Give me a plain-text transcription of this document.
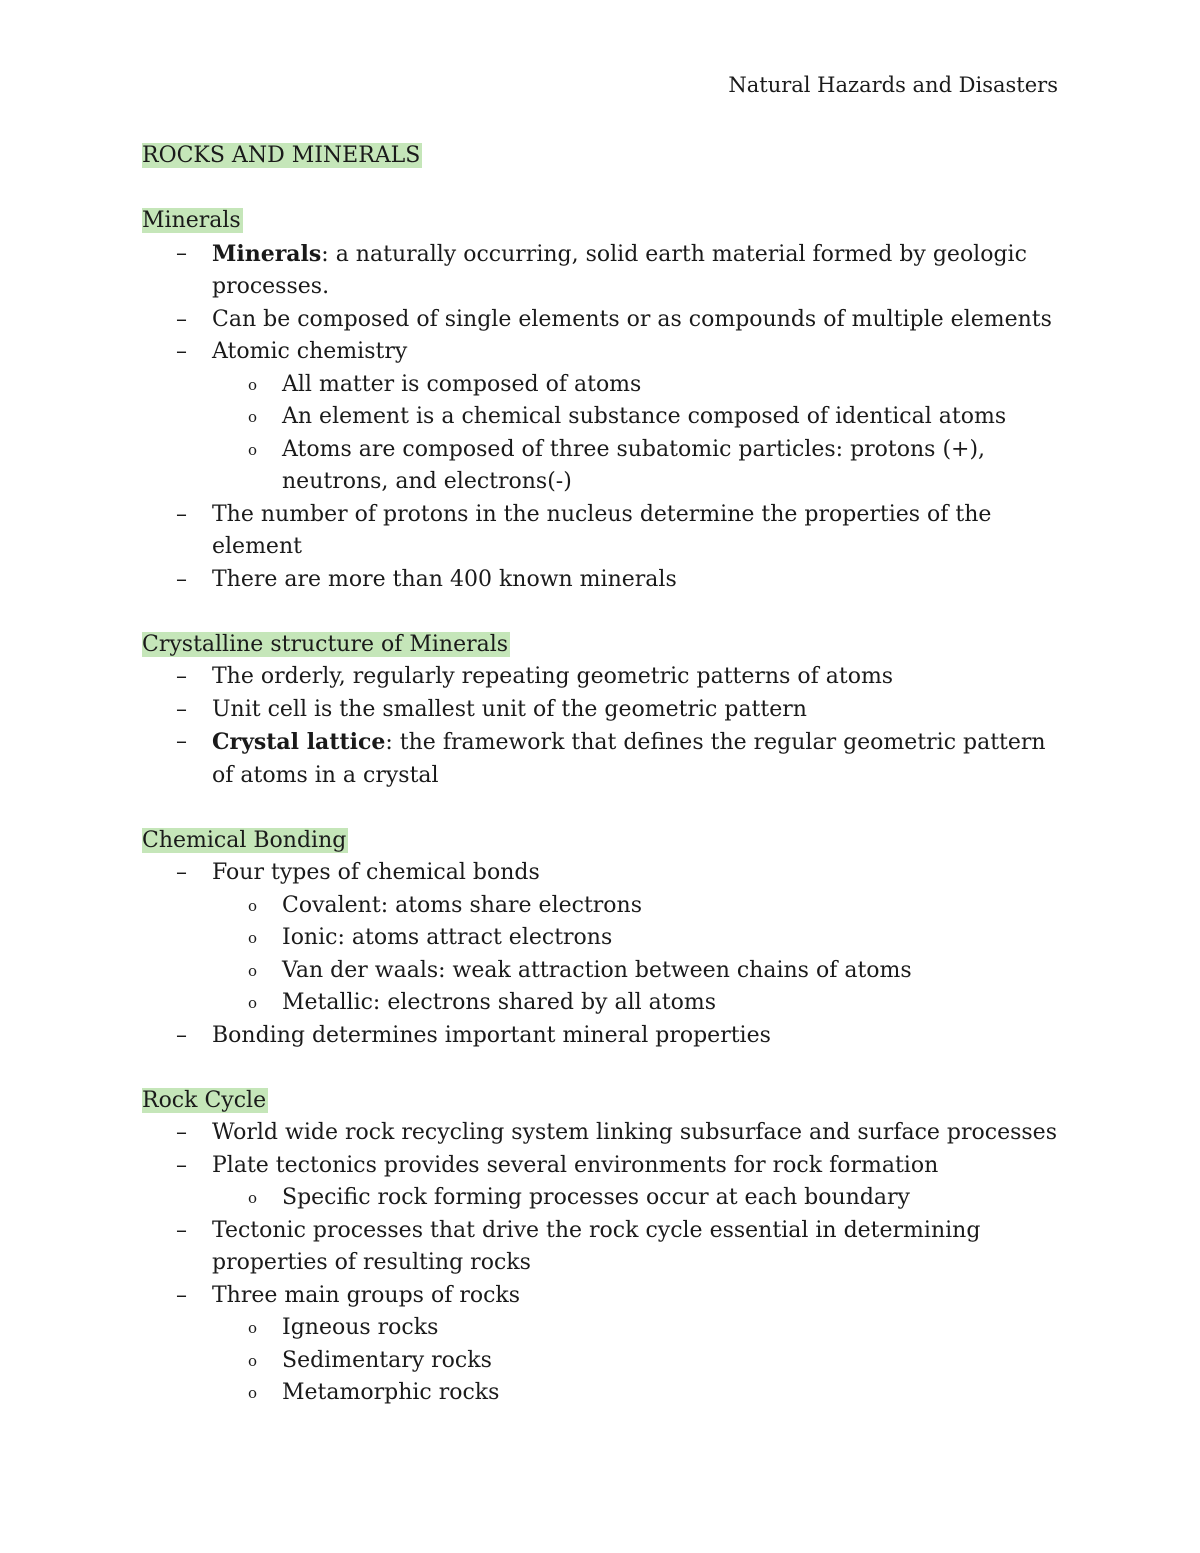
Natural Hazards and Disasters

ROCKS AND MINERALS

Minerals

– Minerals: a naturally occurring, solid earth material formed by geologic processes.
– Can be composed of single elements or as compounds of multiple elements
– Atomic chemistry
o All matter is composed of atoms
o An element is a chemical substance composed of identical atoms
o Atoms are composed of three subatomic particles: protons (+), neutrons, and electrons(-)
– The number of protons in the nucleus determine the properties of the element
– There are more than 400 known minerals

Crystalline structure of Minerals

– The orderly, regularly repeating geometric patterns of atoms
– Unit cell is the smallest unit of the geometric pattern
– Crystal lattice: the framework that defines the regular geometric pattern of atoms in a crystal

Chemical Bonding

– Four types of chemical bonds
o Covalent: atoms share electrons
o Ionic: atoms attract electrons
o Van der waals: weak attraction between chains of atoms
o Metallic: electrons shared by all atoms
– Bonding determines important mineral properties

Rock Cycle

– World wide rock recycling system linking subsurface and surface processes
– Plate tectonics provides several environments for rock formation
o Specific rock forming processes occur at each boundary
– Tectonic processes that drive the rock cycle essential in determining properties of resulting rocks
– Three main groups of rocks
o Igneous rocks
o Sedimentary rocks
o Metamorphic rocks
